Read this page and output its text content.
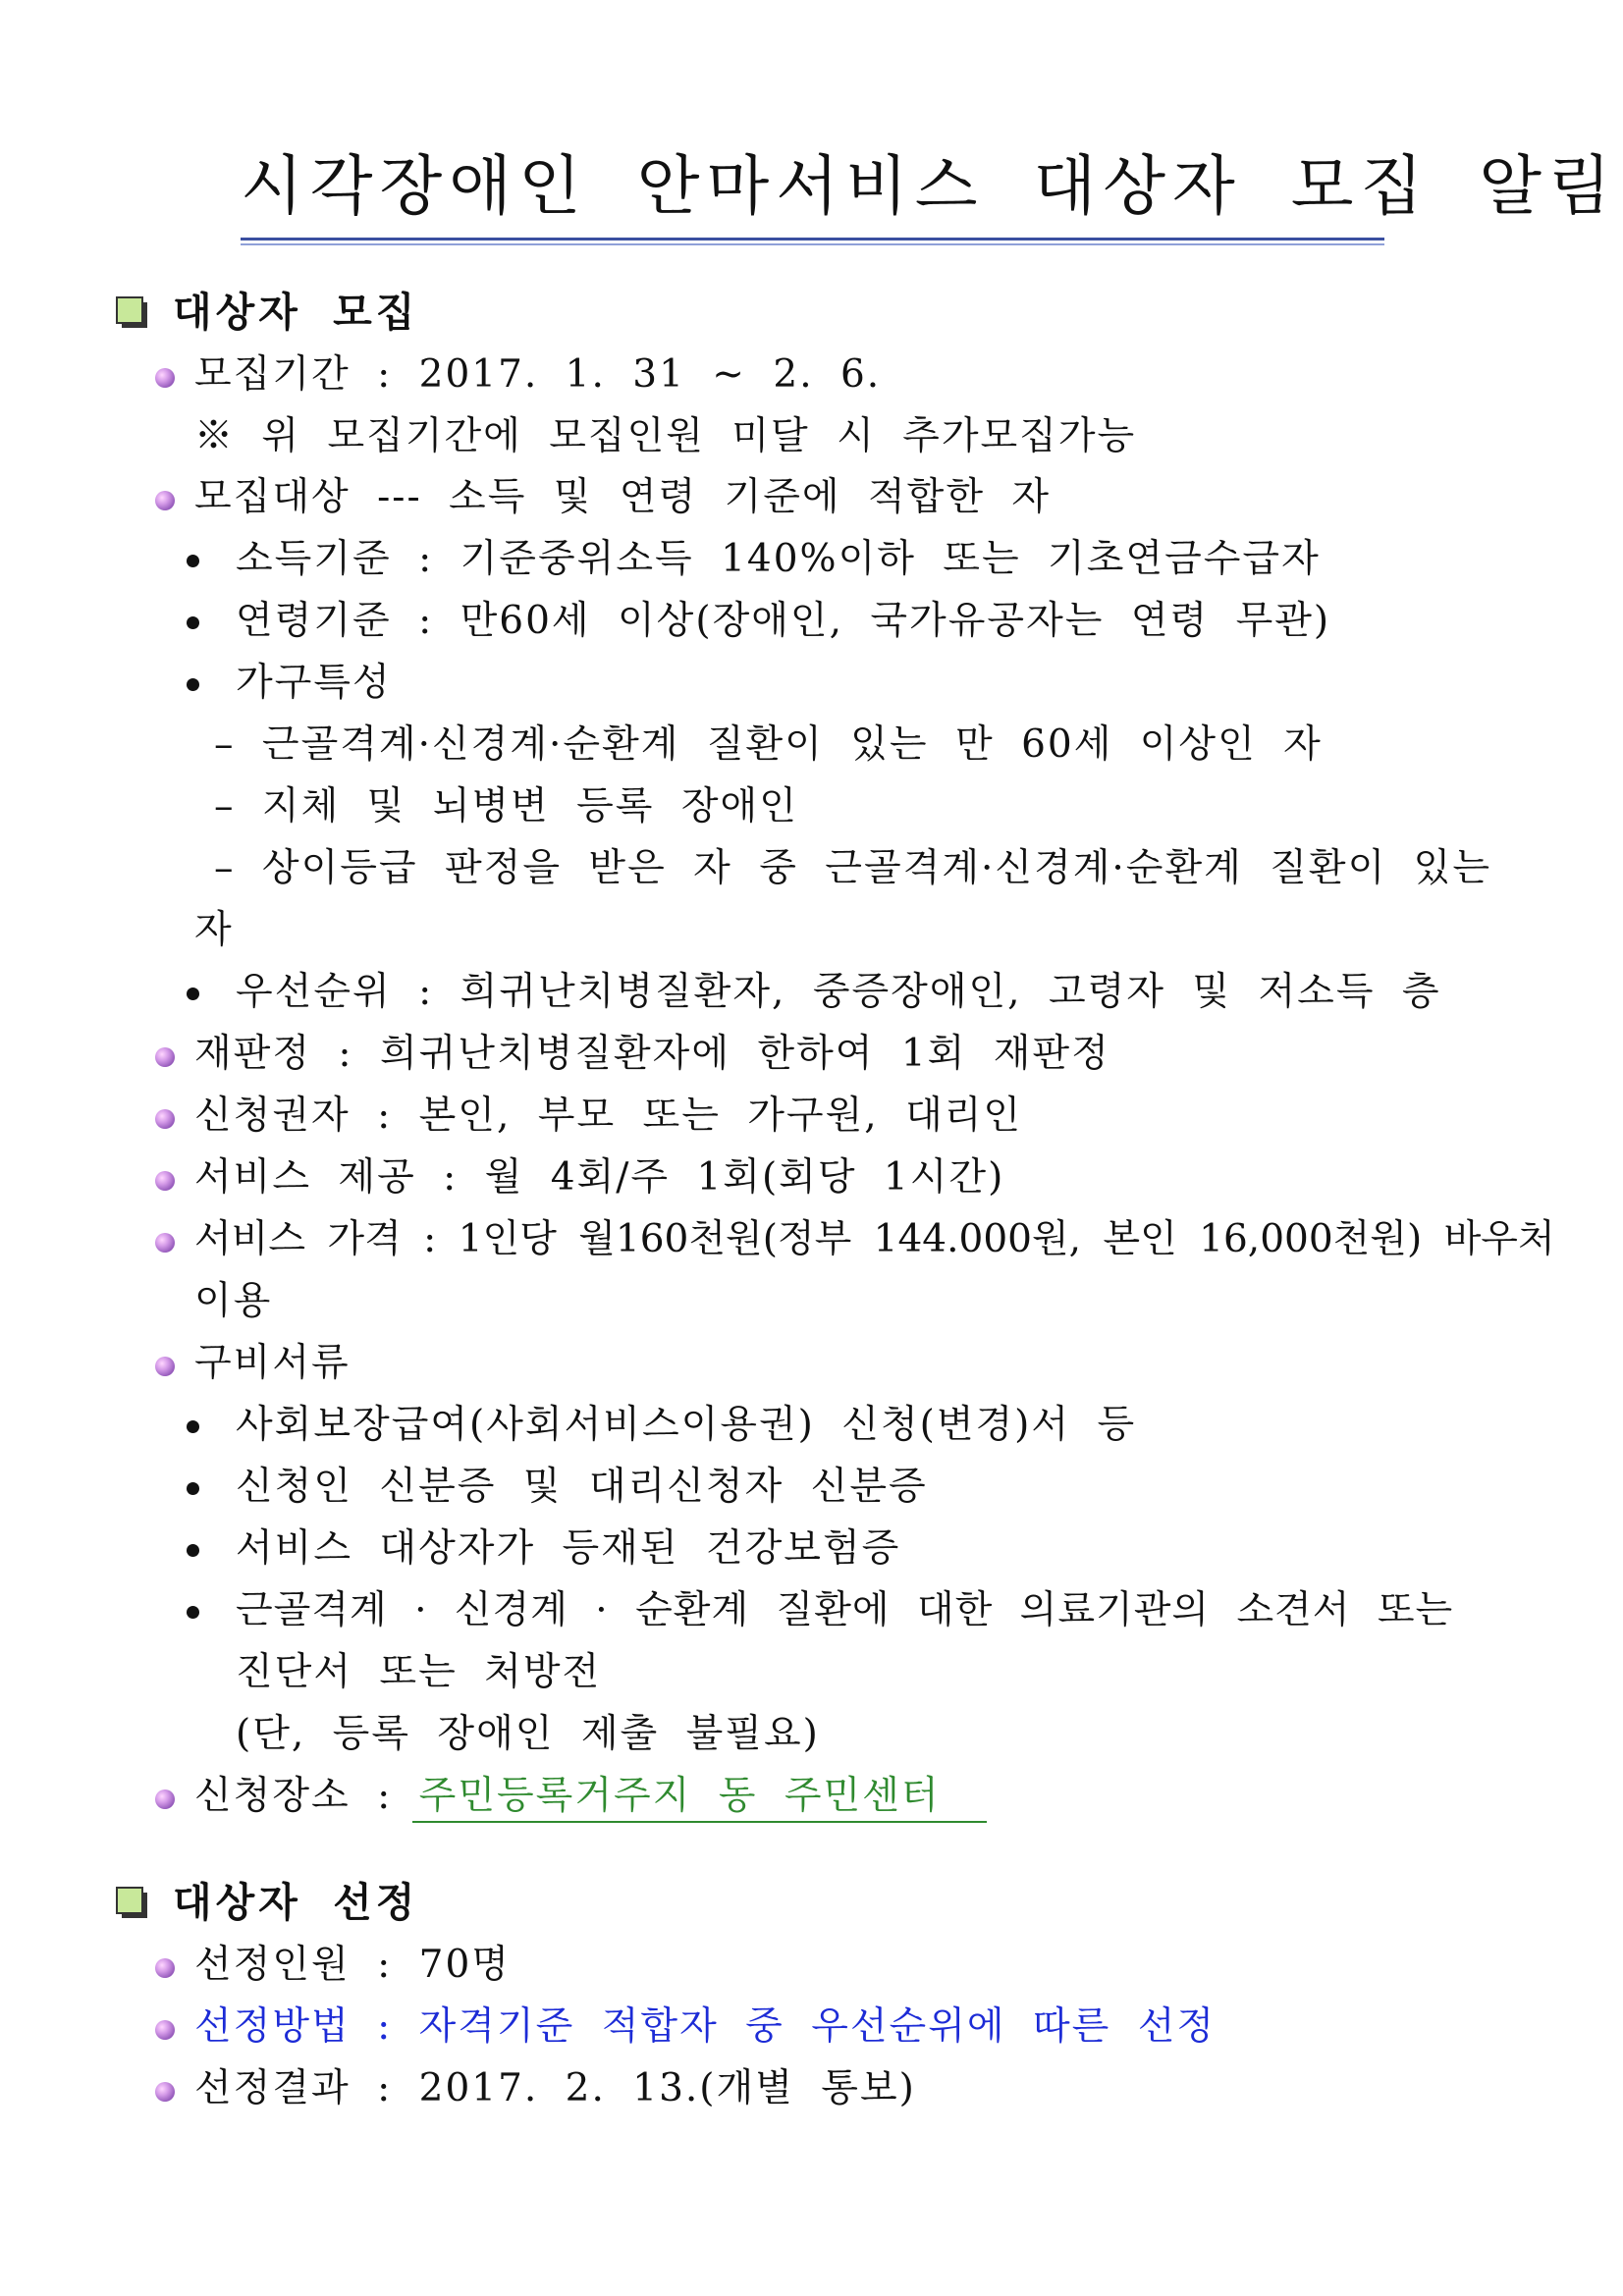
시각장애인 안마서비스 대상자 모집 알림
대상자 모집
모집기간 : 2017. 1. 31 ~ 2. 6.
※ 위 모집기간에 모집인원 미달 시 추가모집가능
모집대상 --- 소득 및 연령 기준에 적합한 자
소득기준 : 기준중위소득 140%이하 또는 기초연금수급자
연령기준 : 만60세 이상(장애인, 국가유공자는 연령 무관)
가구특성
– 근골격계·신경계·순환계 질환이 있는 만 60세 이상인 자
– 지체 및 뇌병변 등록 장애인
– 상이등급 판정을 받은 자 중 근골격계·신경계·순환계 질환이 있는
자
우선순위 : 희귀난치병질환자, 중증장애인, 고령자 및 저소득 층
재판정 : 희귀난치병질환자에 한하여 1회 재판정
신청권자 : 본인, 부모 또는 가구원, 대리인
서비스 제공 : 월 4회/주 1회(회당 1시간)
서비스 가격 : 1인당 월160천원(정부 144.000원, 본인 16,000천원) 바우처
이용
구비서류
사회보장급여(사회서비스이용권) 신청(변경)서 등
신청인 신분증 및 대리신청자 신분증
서비스 대상자가 등재된 건강보험증
근골격계 · 신경계 · 순환계 질환에 대한 의료기관의 소견서 또는
진단서 또는 처방전
(단, 등록 장애인 제출 불필요)
신청장소 : 주민등록거주지 동 주민센터
대상자 선정
선정인원 : 70명
선정방법 : 자격기준 적합자 중 우선순위에 따른 선정
선정결과 : 2017. 2. 13.(개별 통보)
